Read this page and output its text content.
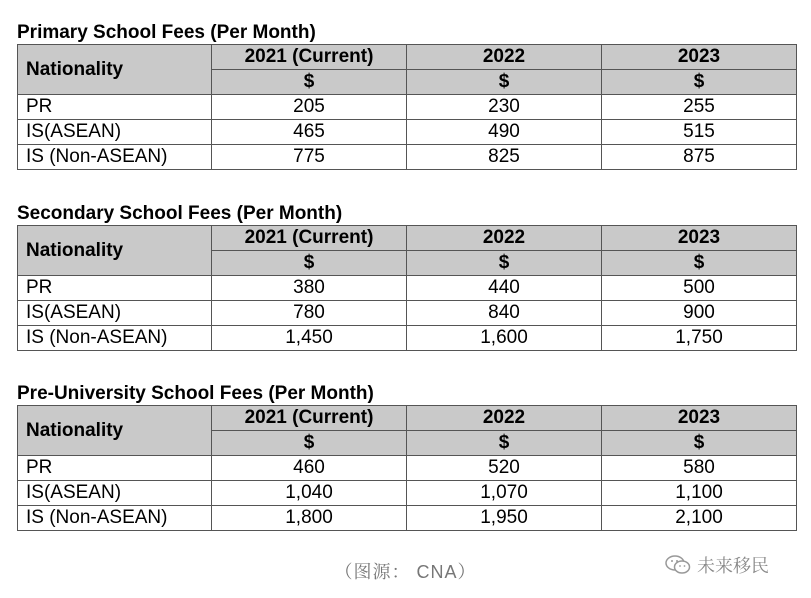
Primary School Fees (Per Month)
Nationality	2021 (Current)	2022	2023
	$	$	$
PR	205	230	255
IS(ASEAN)	465	490	515
IS (Non-ASEAN)	775	825	875
Secondary School Fees (Per Month)
Nationality	2021 (Current)	2022	2023
	$	$	$
PR	380	440	500
IS(ASEAN)	780	840	900
IS (Non-ASEAN)	1,450	1,600	1,750
Pre-University School Fees (Per Month)
Nationality	2021 (Current)	2022	2023
	$	$	$
PR	460	520	580
IS(ASEAN)	1,040	1,070	1,100
IS (Non-ASEAN)	1,800	1,950	2,100
（图源： CNA）	未来移民
